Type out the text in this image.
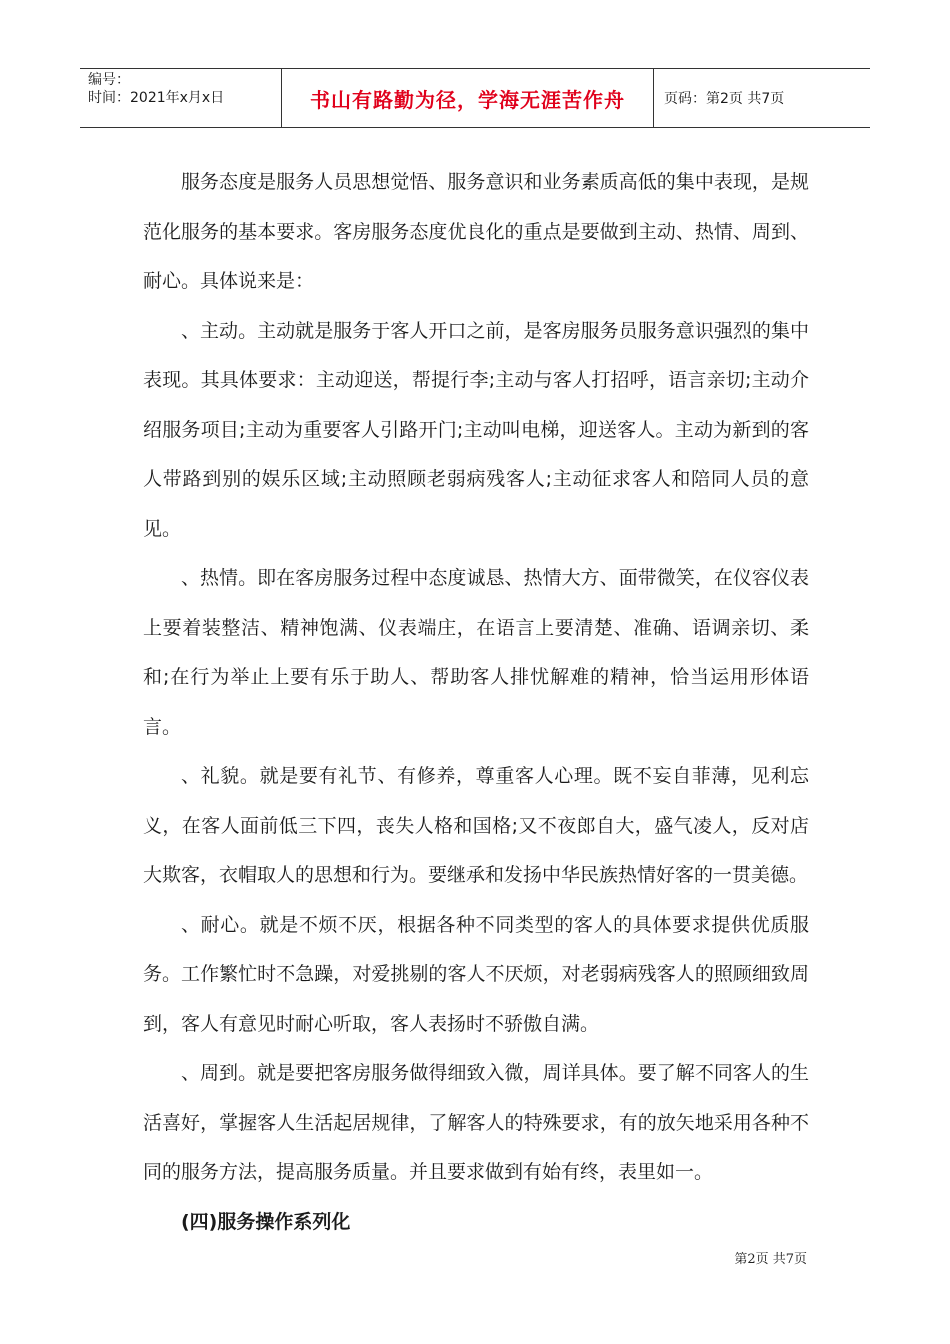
编号：
时间：2021年x月x日	书山有路勤为径，学海无涯苦作舟	页码：第2页 共7页

服务态度是服务人员思想觉悟、服务意识和业务素质高低的集中表现，是规范化服务的基本要求。客房服务态度优良化的重点是要做到主动、热情、周到、耐心。具体说来是：

、主动。主动就是服务于客人开口之前，是客房服务员服务意识强烈的集中表现。其具体要求：主动迎送，帮提行李;主动与客人打招呼，语言亲切;主动介绍服务项目;主动为重要客人引路开门;主动叫电梯，迎送客人。主动为新到的客人带路到别的娱乐区域;主动照顾老弱病残客人;主动征求客人和陪同人员的意见。

、热情。即在客房服务过程中态度诚恳、热情大方、面带微笑，在仪容仪表上要着装整洁、精神饱满、仪表端庄，在语言上要清楚、准确、语调亲切、柔和;在行为举止上要有乐于助人、帮助客人排忧解难的精神，恰当运用形体语言。

、礼貌。就是要有礼节、有修养，尊重客人心理。既不妄自菲薄，见利忘义，在客人面前低三下四，丧失人格和国格;又不夜郎自大，盛气凌人，反对店大欺客，衣帽取人的思想和行为。要继承和发扬中华民族热情好客的一贯美德。

、耐心。就是不烦不厌，根据各种不同类型的客人的具体要求提供优质服务。工作繁忙时不急躁，对爱挑剔的客人不厌烦，对老弱病残客人的照顾细致周到，客人有意见时耐心听取，客人表扬时不骄傲自满。

、周到。就是要把客房服务做得细致入微，周详具体。要了解不同客人的生活喜好，掌握客人生活起居规律，了解客人的特殊要求，有的放矢地采用各种不同的服务方法，提高服务质量。并且要求做到有始有终，表里如一。

(四)服务操作系列化

第2页 共7页
